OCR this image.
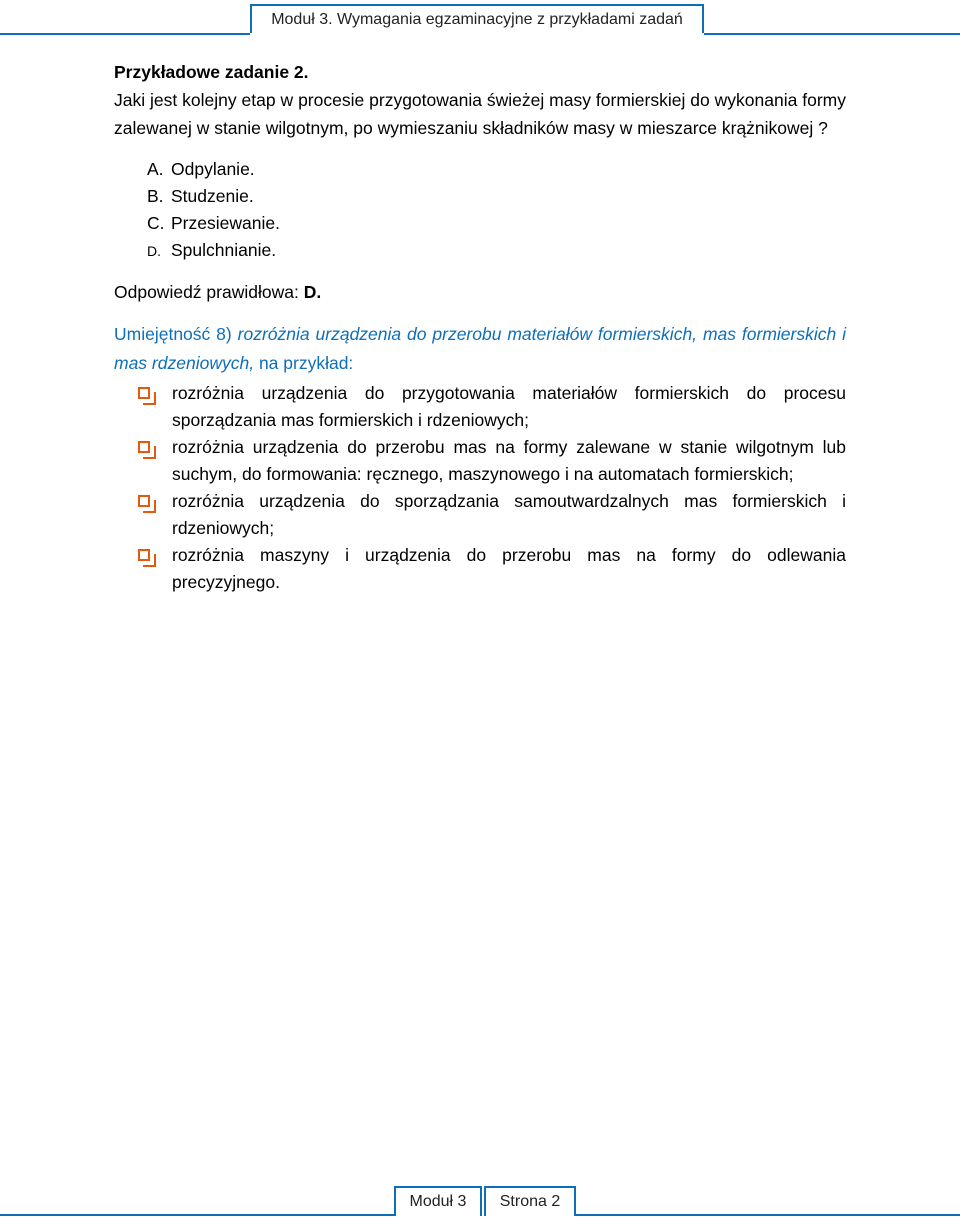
Moduł 3. Wymagania egzaminacyjne z przykładami zadań

Przykładowe zadanie 2.

Jaki jest kolejny etap w procesie przygotowania świeżej masy formierskiej do wykonania formy zalewanej w stanie wilgotnym, po wymieszaniu składników masy w mieszarce krążnikowej ?

A. Odpylanie.
B. Studzenie.
C. Przesiewanie.
D. Spulchnianie.

Odpowiedź prawidłowa: D.

Umiejętność 8) rozróżnia urządzenia do przerobu materiałów formierskich, mas formierskich i mas rdzeniowych, na przykład:

rozróżnia urządzenia do przygotowania materiałów formierskich do procesu sporządzania mas formierskich i rdzeniowych;
rozróżnia urządzenia do przerobu mas na formy zalewane w stanie wilgotnym lub suchym, do formowania: ręcznego, maszynowego i na automatach formierskich;
rozróżnia urządzenia do sporządzania samoutwardzalnych mas formierskich i rdzeniowych;
rozróżnia maszyny i urządzenia do przerobu mas na formy do odlewania precyzyjnego.
Moduł 3	Strona 2
